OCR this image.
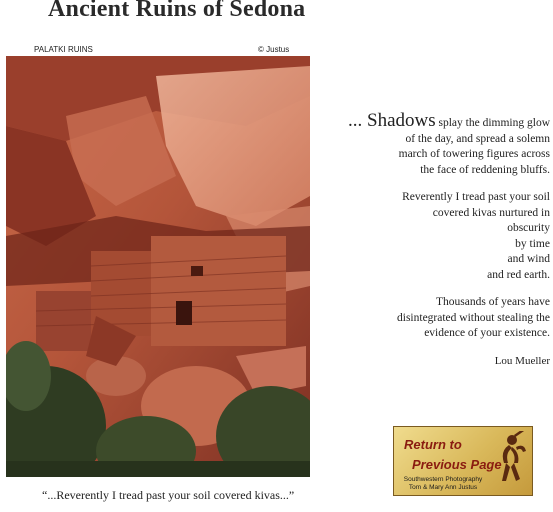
Ancient Ruins of Sedona
PALATKI RUINS	© Justus
... Shadows splay the dimming glow
of the day, and spread a solemn
march of towering figures across
the face of reddening bluffs.
Reverently I tread past your soil
covered kivas nurtured in
obscurity
by time
and wind
and red earth.
Thousands of years have
disintegrated without stealing the
evidence of your existence.
Lou Mueller
Return to
Previous Page
Southwestern Photography
Tom & Mary Ann Justus
“...Reverently I tread past your soil covered kivas...”
